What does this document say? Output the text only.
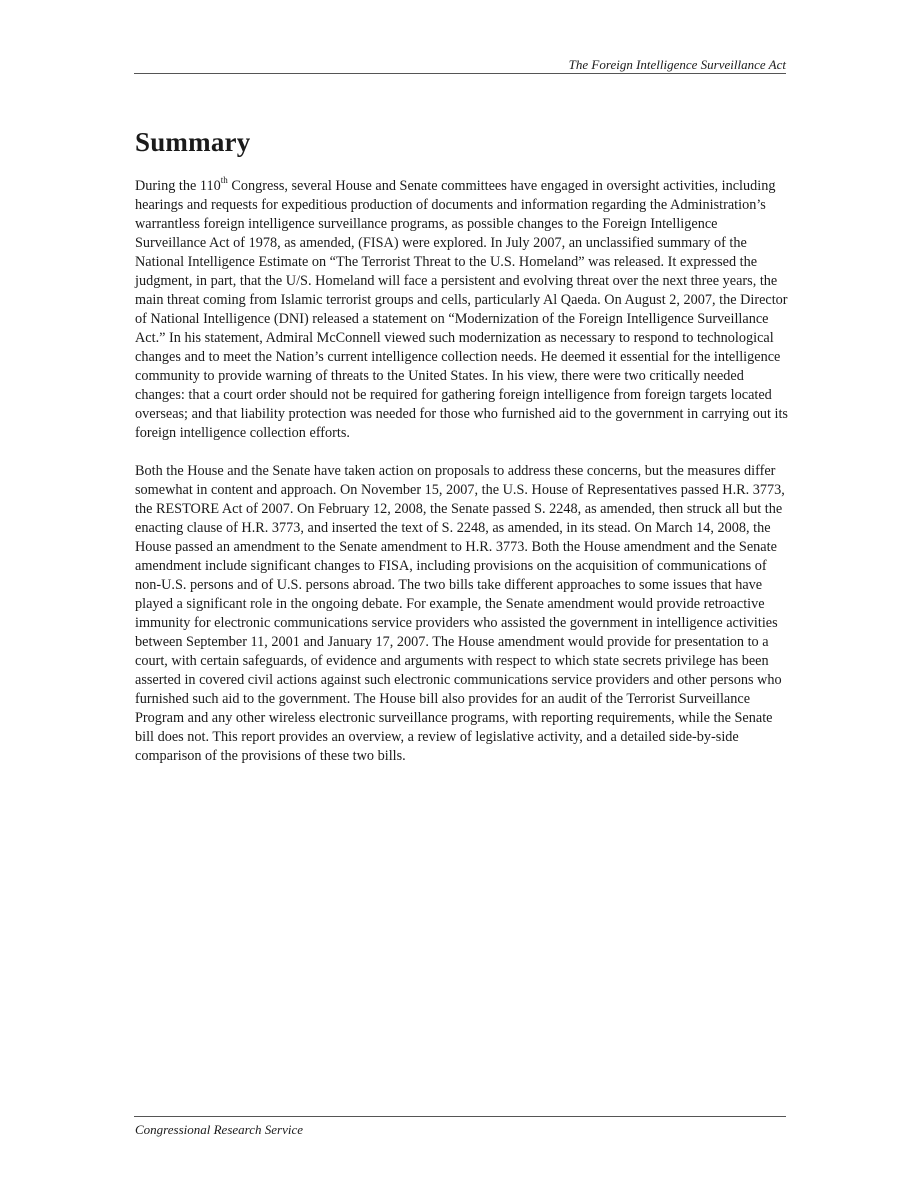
The Foreign Intelligence Surveillance Act
Summary

During the 110th Congress, several House and Senate committees have engaged in oversight activities, including hearings and requests for expeditious production of documents and information regarding the Administration’s warrantless foreign intelligence surveillance programs, as possible changes to the Foreign Intelligence Surveillance Act of 1978, as amended, (FISA) were explored. In July 2007, an unclassified summary of the National Intelligence Estimate on “The Terrorist Threat to the U.S. Homeland” was released. It expressed the judgment, in part, that the U/S. Homeland will face a persistent and evolving threat over the next three years, the main threat coming from Islamic terrorist groups and cells, particularly Al Qaeda. On August 2, 2007, the Director of National Intelligence (DNI) released a statement on “Modernization of the Foreign Intelligence Surveillance Act.” In his statement, Admiral McConnell viewed such modernization as necessary to respond to technological changes and to meet the Nation’s current intelligence collection needs. He deemed it essential for the intelligence community to provide warning of threats to the United States. In his view, there were two critically needed changes: that a court order should not be required for gathering foreign intelligence from foreign targets located overseas; and that liability protection was needed for those who furnished aid to the government in carrying out its foreign intelligence collection efforts.

Both the House and the Senate have taken action on proposals to address these concerns, but the measures differ somewhat in content and approach. On November 15, 2007, the U.S. House of Representatives passed H.R. 3773, the RESTORE Act of 2007. On February 12, 2008, the Senate passed S. 2248, as amended, then struck all but the enacting clause of H.R. 3773, and inserted the text of S. 2248, as amended, in its stead. On March 14, 2008, the House passed an amendment to the Senate amendment to H.R. 3773. Both the House amendment and the Senate amendment include significant changes to FISA, including provisions on the acquisition of communications of non-U.S. persons and of U.S. persons abroad. The two bills take different approaches to some issues that have played a significant role in the ongoing debate. For example, the Senate amendment would provide retroactive immunity for electronic communications service providers who assisted the government in intelligence activities between September 11, 2001 and January 17, 2007. The House amendment would provide for presentation to a court, with certain safeguards, of evidence and arguments with respect to which state secrets privilege has been asserted in covered civil actions against such electronic communications service providers and other persons who furnished such aid to the government. The House bill also provides for an audit of the Terrorist Surveillance Program and any other wireless electronic surveillance programs, with reporting requirements, while the Senate bill does not. This report provides an overview, a review of legislative activity, and a detailed side-by-side comparison of the provisions of these two bills.

Congressional Research Service
